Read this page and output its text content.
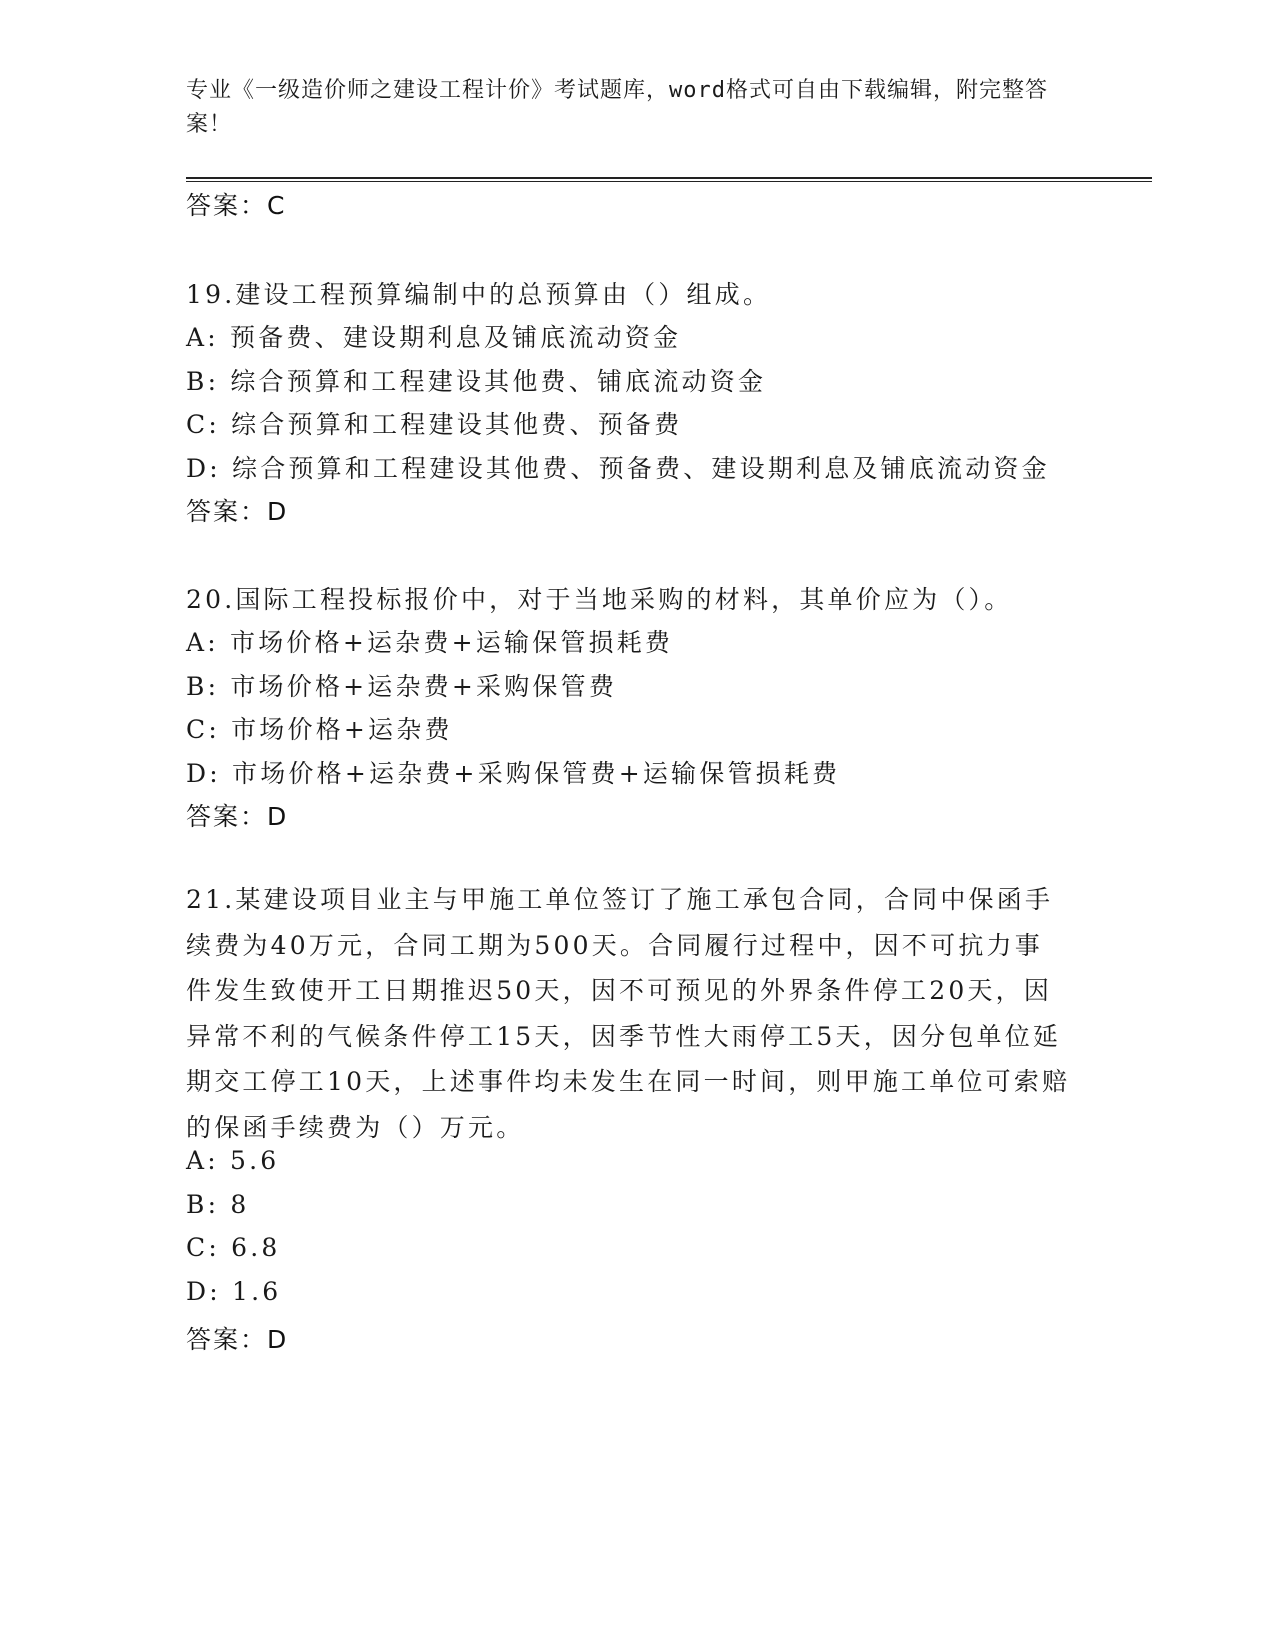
专业《一级造价师之建设工程计价》考试题库，word格式可自由下载编辑，附完整答案！
答案：C
19.建设工程预算编制中的总预算由（）组成。
A: 预备费、建设期利息及铺底流动资金
B: 综合预算和工程建设其他费、铺底流动资金
C: 综合预算和工程建设其他费、预备费
D: 综合预算和工程建设其他费、预备费、建设期利息及铺底流动资金
答案：D
20.国际工程投标报价中，对于当地采购的材料，其单价应为（）。
A: 市场价格+运杂费+运输保管损耗费
B: 市场价格+运杂费+采购保管费
C: 市场价格+运杂费
D: 市场价格+运杂费+采购保管费+运输保管损耗费
答案：D
21.某建设项目业主与甲施工单位签订了施工承包合同，合同中保函手续费为40万元，合同工期为500天。合同履行过程中，因不可抗力事件发生致使开工日期推迟50天，因不可预见的外界条件停工20天，因异常不利的气候条件停工15天，因季节性大雨停工5天，因分包单位延期交工停工10天，上述事件均未发生在同一时间，则甲施工单位可索赔的保函手续费为（）万元。
A: 5.6
B: 8
C: 6.8
D: 1.6
答案：D
